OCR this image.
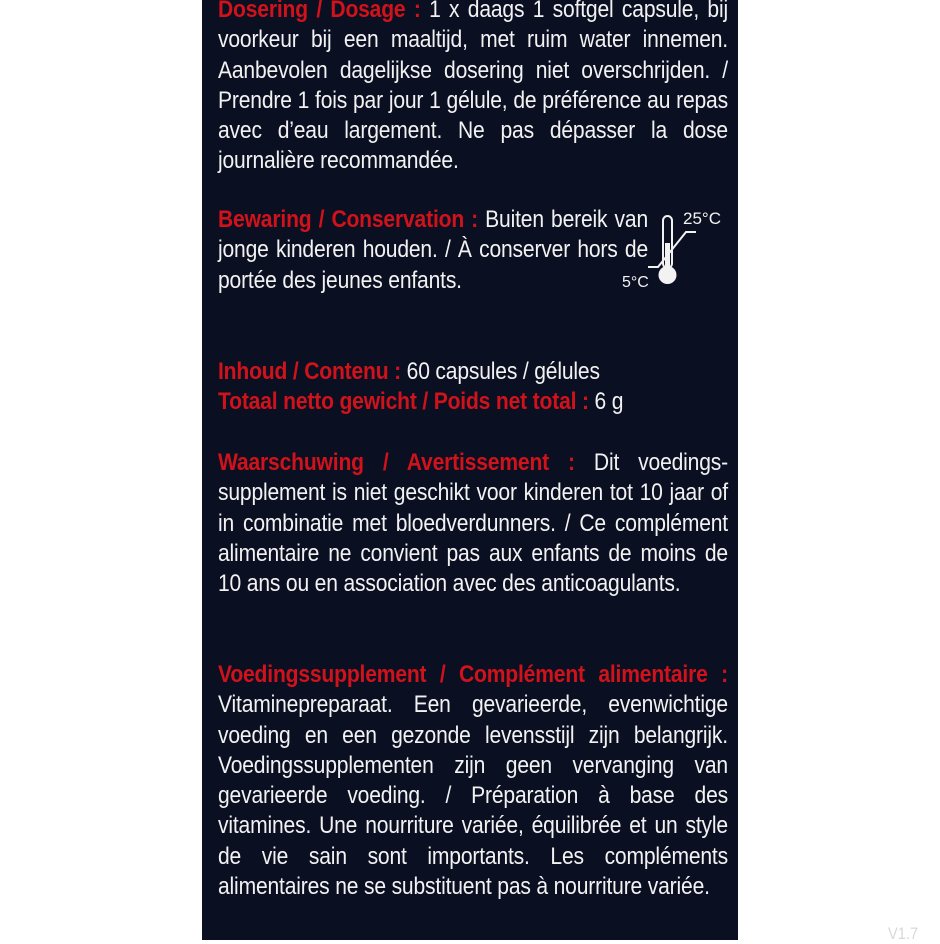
Dosering / Dosage : 1 x daags 1 softgel capsule, bij voorkeur bij een maaltijd, met ruim water innemen. Aanbevolen dagelijkse dosering niet overschrijden. / Prendre 1 fois par jour 1 gélule, de préférence au repas avec d’eau largement. Ne pas dépasser la dose journalière recommandée.
Bewaring / Conservation : Buiten bereik van jonge kinderen houden. / À conserver hors de portée des jeunes enfants.
Inhoud / Contenu : 60 capsules / gélules
Totaal netto gewicht / Poids net total : 6 g
Waarschuwing / Avertissement : Dit voedings-supplement is niet geschikt voor kinderen tot 10 jaar of in combinatie met bloedverdunners. / Ce complément alimentaire ne convient pas aux enfants de moins de 10 ans ou en association avec des anticoagulants.
Voedingssupplement / Complément alimentaire : Vitaminepreparaat. Een gevarieerde, evenwichtige voeding en een gezonde levensstijl zijn belangrijk. Voedingssupplementen zijn geen vervanging van gevarieerde voeding. / Préparation à base des vitamines. Une nourriture variée, équilibrée et un style de vie sain sont importants. Les compléments alimentaires ne se substituent pas à nourriture variée.
V1.7
25°C
5°C
